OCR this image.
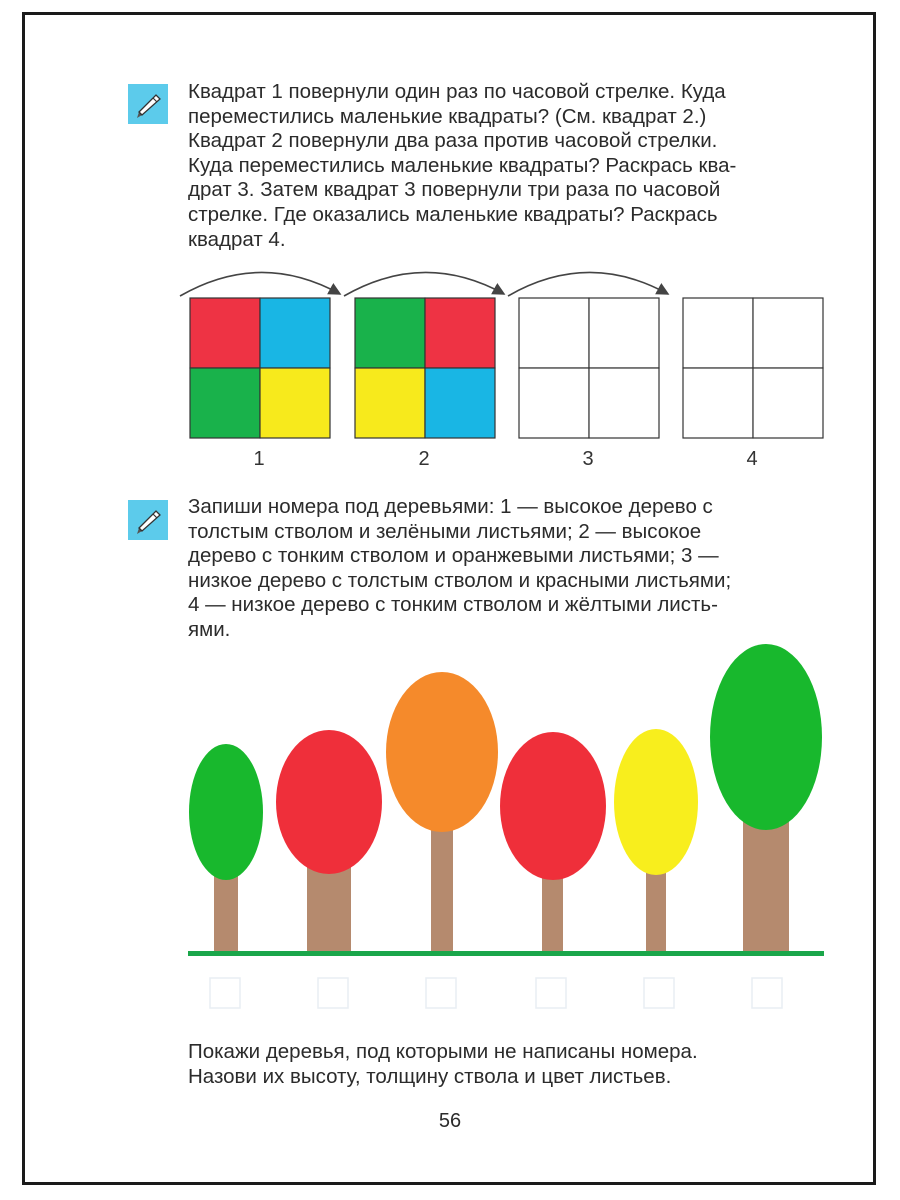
Квадрат 1 повернули один раз по часовой стрелке. Куда
переместились маленькие квадраты? (См. квадрат 2.)
Квадрат 2 повернули два раза против часовой стрелки.
Куда переместились маленькие квадраты? Раскрась ква-
драт 3. Затем квадрат 3 повернули три раза по часовой
стрелке. Где оказались маленькие квадраты? Раскрась
квадрат 4.

1	2	3	4

Запиши номера под деревьями: 1 — высокое дерево с
толстым стволом и зелёными листьями; 2 — высокое
дерево с тонким стволом и оранжевыми листьями; 3 —
низкое дерево с толстым стволом и красными листьями;
4 — низкое дерево с тонким стволом и жёлтыми листь-
ями.

Покажи деревья, под которыми не написаны номера.
Назови их высоту, толщину ствола и цвет листьев.

56
